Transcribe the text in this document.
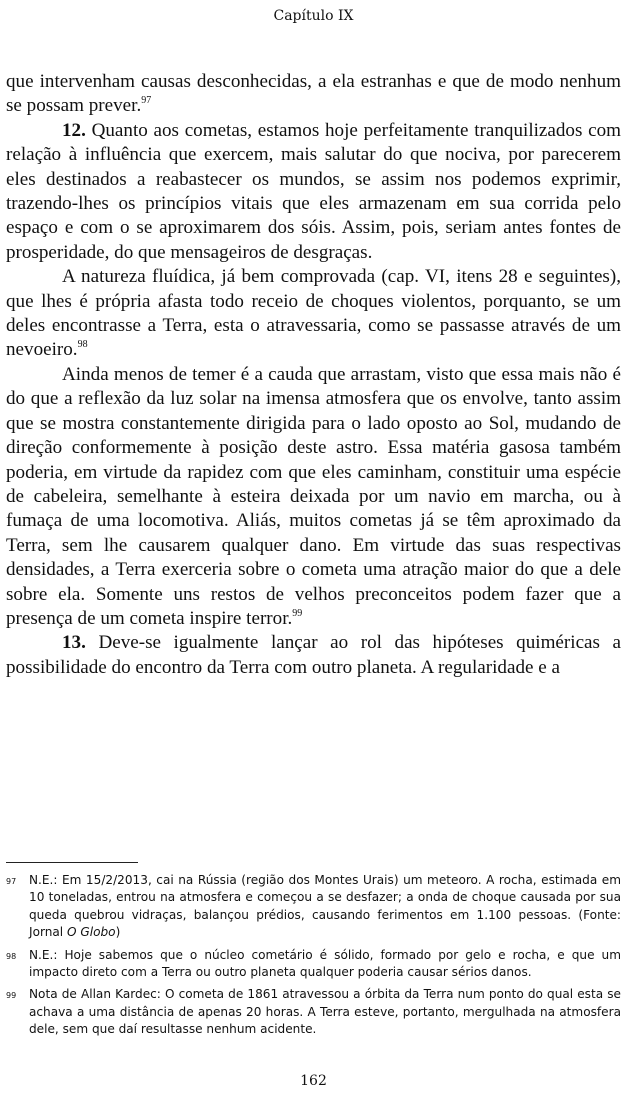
Capítulo IX

que intervenham causas desconhecidas, a ela estranhas e que de modo nenhum se possam prever.$^{97}$

12. Quanto aos cometas, estamos hoje perfeitamente tranquilizados com relação à influência que exercem, mais salutar do que nociva, por parecerem eles destinados a reabastecer os mundos, se assim nos podemos exprimir, trazendo-lhes os princípios vitais que eles armazenam em sua corrida pelo espaço e com o se aproximarem dos sóis. Assim, pois, seriam antes fontes de prosperidade, do que mensageiros de desgraças.

A natureza fluídica, já bem comprovada (cap. VI, itens 28 e seguintes), que lhes é própria afasta todo receio de choques violentos, porquanto, se um deles encontrasse a Terra, esta o atravessaria, como se passasse através de um nevoeiro.$^{98}$

Ainda menos de temer é a cauda que arrastam, visto que essa mais não é do que a reflexão da luz solar na imensa atmosfera que os envolve, tanto assim que se mostra constantemente dirigida para o lado oposto ao Sol, mudando de direção conformemente à posição deste astro. Essa matéria gasosa também poderia, em virtude da rapidez com que eles caminham, constituir uma espécie de cabeleira, semelhante à esteira deixada por um navio em marcha, ou à fumaça de uma locomotiva. Aliás, muitos cometas já se têm aproximado da Terra, sem lhe causarem qualquer dano. Em virtude das suas respectivas densidades, a Terra exerceria sobre o cometa uma atração maior do que a dele sobre ela. Somente uns restos de velhos preconceitos podem fazer que a presença de um cometa inspire terror.$^{99}$

13. Deve-se igualmente lançar ao rol das hipóteses quiméricas a possibilidade do encontro da Terra com outro planeta. A regularidade e a

97 N.E.: Em 15/2/2013, cai na Rússia (região dos Montes Urais) um meteoro. A rocha, estimada em 10 toneladas, entrou na atmosfera e começou a se desfazer; a onda de choque causada por sua queda quebrou vidraças, balançou prédios, causando ferimentos em 1.100 pessoas. (Fonte: Jornal O Globo)

98 N.E.: Hoje sabemos que o núcleo cometário é sólido, formado por gelo e rocha, e que um impacto direto com a Terra ou outro planeta qualquer poderia causar sérios danos.

99 Nota de Allan Kardec: O cometa de 1861 atravessou a órbita da Terra num ponto do qual esta se achava a uma distância de apenas 20 horas. A Terra esteve, portanto, mergulhada na atmosfera dele, sem que daí resultasse nenhum acidente.

162
